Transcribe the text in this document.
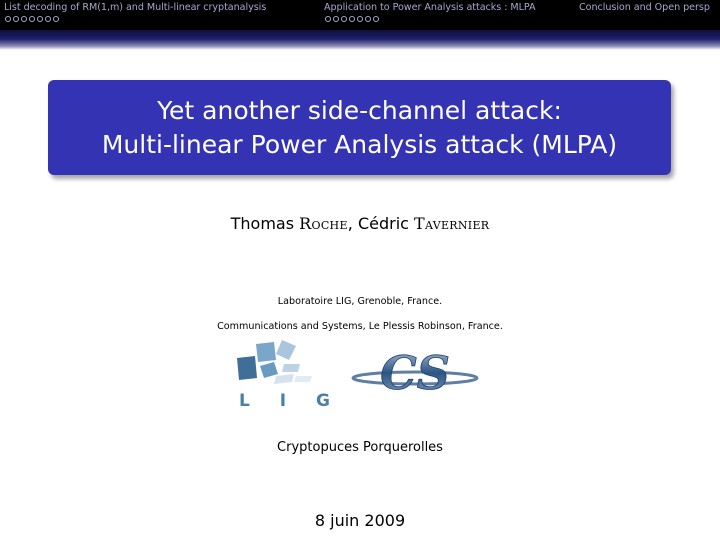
List decoding of RM(1,m) and Multi-linear cryptanalysis	Application to Power Analysis attacks : MLPA	Conclusion and Open persp
Yet another side-channel attack:
Multi-linear Power Analysis attack (MLPA)
Thomas Roche, Cédric Tavernier
Laboratoire LIG, Grenoble, France.
Communications and Systems, Le Plessis Robinson, France.
L I G
CS
Cryptopuces Porquerolles
8 juin 2009
